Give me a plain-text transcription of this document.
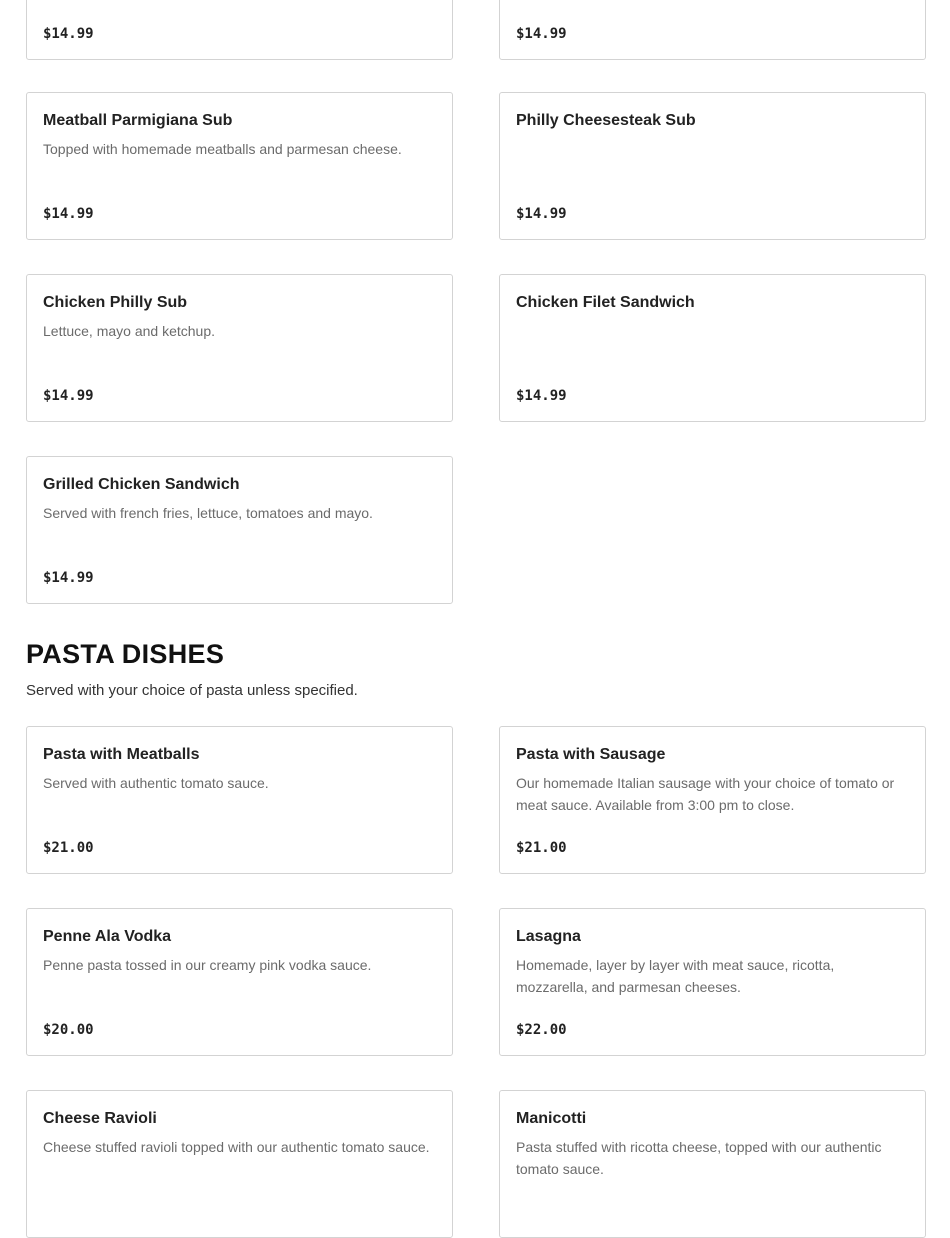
$14.99	$14.99

Meatball Parmigiana Sub

Topped with homemade meatballs and parmesan cheese.

$14.99

Philly Cheesesteak Sub

$14.99

Chicken Philly Sub

Lettuce, mayo and ketchup.

$14.99

Chicken Filet Sandwich

$14.99

Grilled Chicken Sandwich

Served with french fries, lettuce, tomatoes and mayo.

$14.99

PASTA DISHES

Served with your choice of pasta unless specified.

Pasta with Meatballs

Served with authentic tomato sauce.

$21.00

Pasta with Sausage

Our homemade Italian sausage with your choice of tomato or meat sauce. Available from 3:00 pm to close.

$21.00

Penne Ala Vodka

Penne pasta tossed in our creamy pink vodka sauce.

$20.00

Lasagna

Homemade, layer by layer with meat sauce, ricotta, mozzarella, and parmesan cheeses.

$22.00

Cheese Ravioli

Cheese stuffed ravioli topped with our authentic tomato sauce.

Manicotti

Pasta stuffed with ricotta cheese, topped with our authentic tomato sauce.
